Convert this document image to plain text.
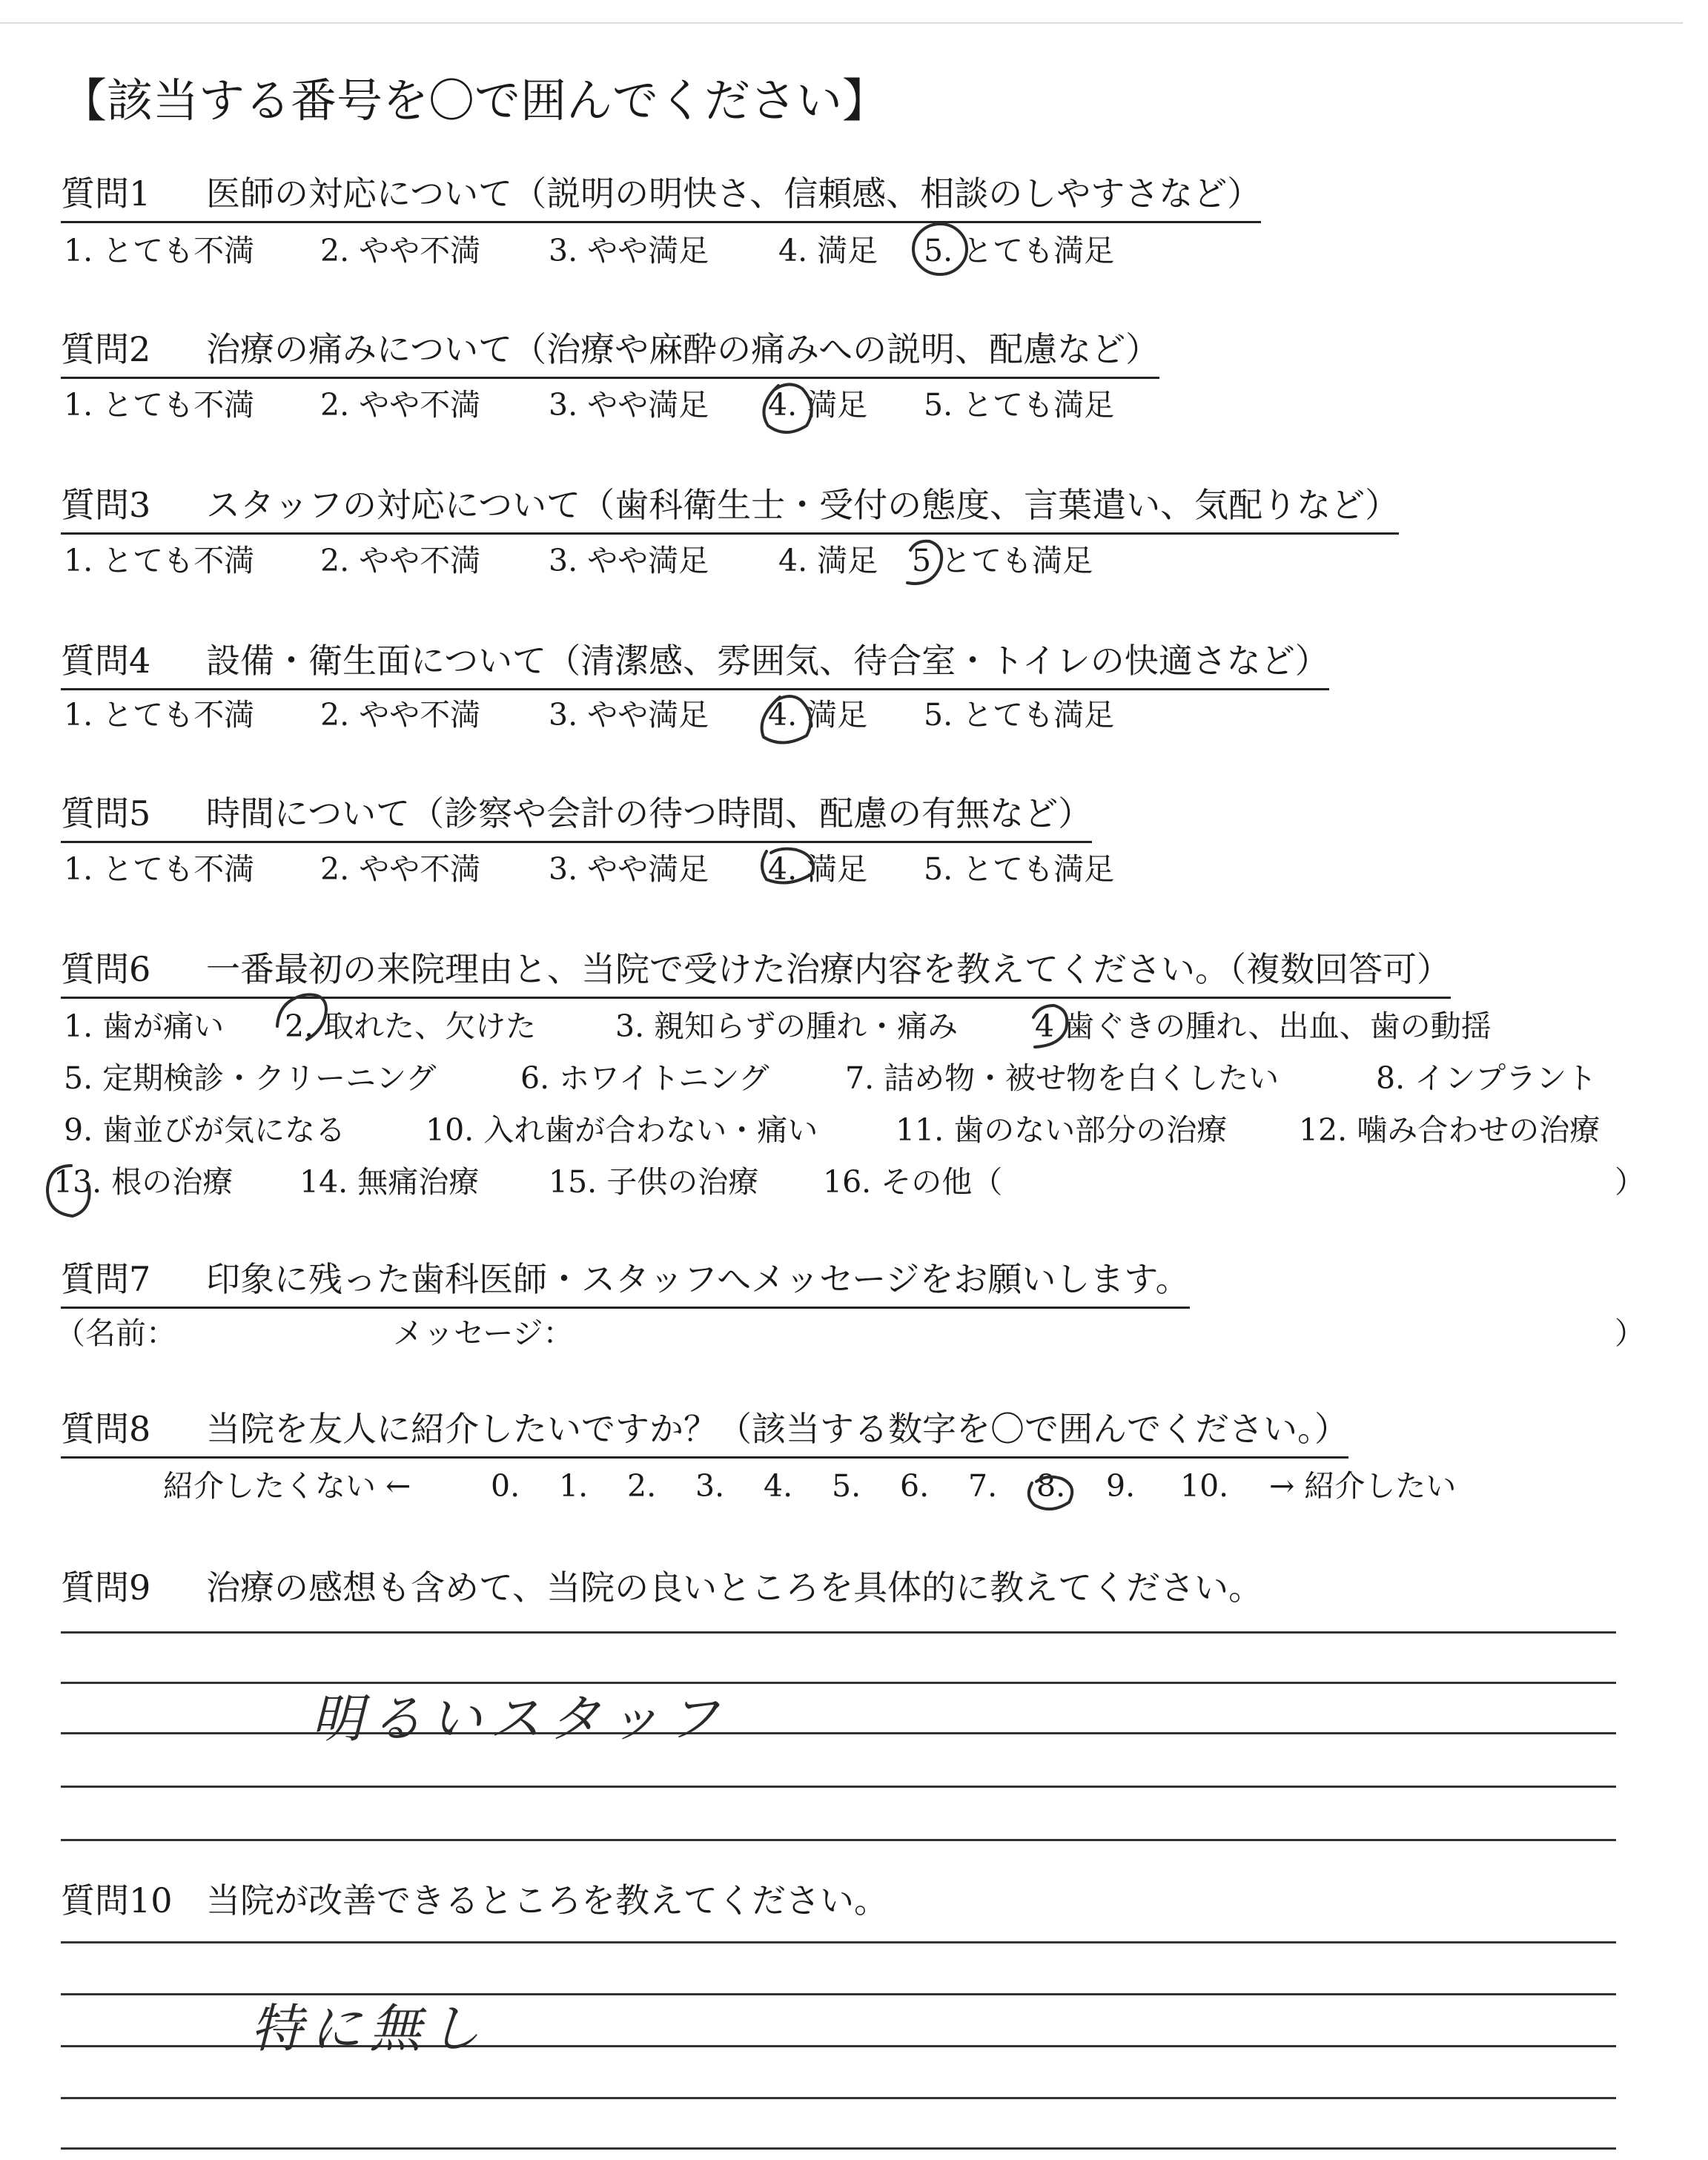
【該当する番号を〇で囲んでください】
質問1 医師の対応について（説明の明快さ、信頼感、相談のしやすさなど）
1. とても不満 2. やや不満 3. やや満足 4. 満足 5. とても満足
質問2 治療の痛みについて（治療や麻酔の痛みへの説明、配慮など）
1. とても不満 2. やや不満 3. やや満足 4. 満足 5. とても満足
質問3 スタッフの対応について（歯科衛生士・受付の態度、言葉遣い、気配りなど）
1. とても不満 2. やや不満 3. やや満足 4. 満足 5 とても満足
質問4 設備・衛生面について（清潔感、雰囲気、待合室・トイレの快適さなど）
1. とても不満 2. やや不満 3. やや満足 4. 満足 5. とても満足
質問5 時間について（診察や会計の待つ時間、配慮の有無など）
1. とても不満 2. やや不満 3. やや満足 4. 満足 5. とても満足
質問6 一番最初の来院理由と、当院で受けた治療内容を教えてください。（複数回答可）
1. 歯が痛い 2. 取れた、欠けた	3. 親知らずの腫れ・痛み	4 歯ぐきの腫れ、出血、歯の動揺
5. 定期検診・クリーニング	6. ホワイトニング	7. 詰め物・被せ物を白くしたい	8. インプラント
9. 歯並びが気になる	10. 入れ歯が合わない・痛い	11. 歯のない部分の治療 12. 噛み合わせの治療
13. 根の治療 14. 無痛治療 15. 子供の治療 16. その他（	）
質問7 印象に残った歯科医師・スタッフへメッセージをお願いします。
（名前：	メッセージ：	）
質問8 当院を友人に紹介したいですか？（該当する数字を〇で囲んでください。）
紹介したくない ←	0. 1. 2. 3. 4. 5. 6. 7. 8. 9. 10. → 紹介したい
質問9 治療の感想も含めて、当院の良いところを具体的に教えてください。
明るいスタッフ
質問10 当院が改善できるところを教えてください。
特に無し
